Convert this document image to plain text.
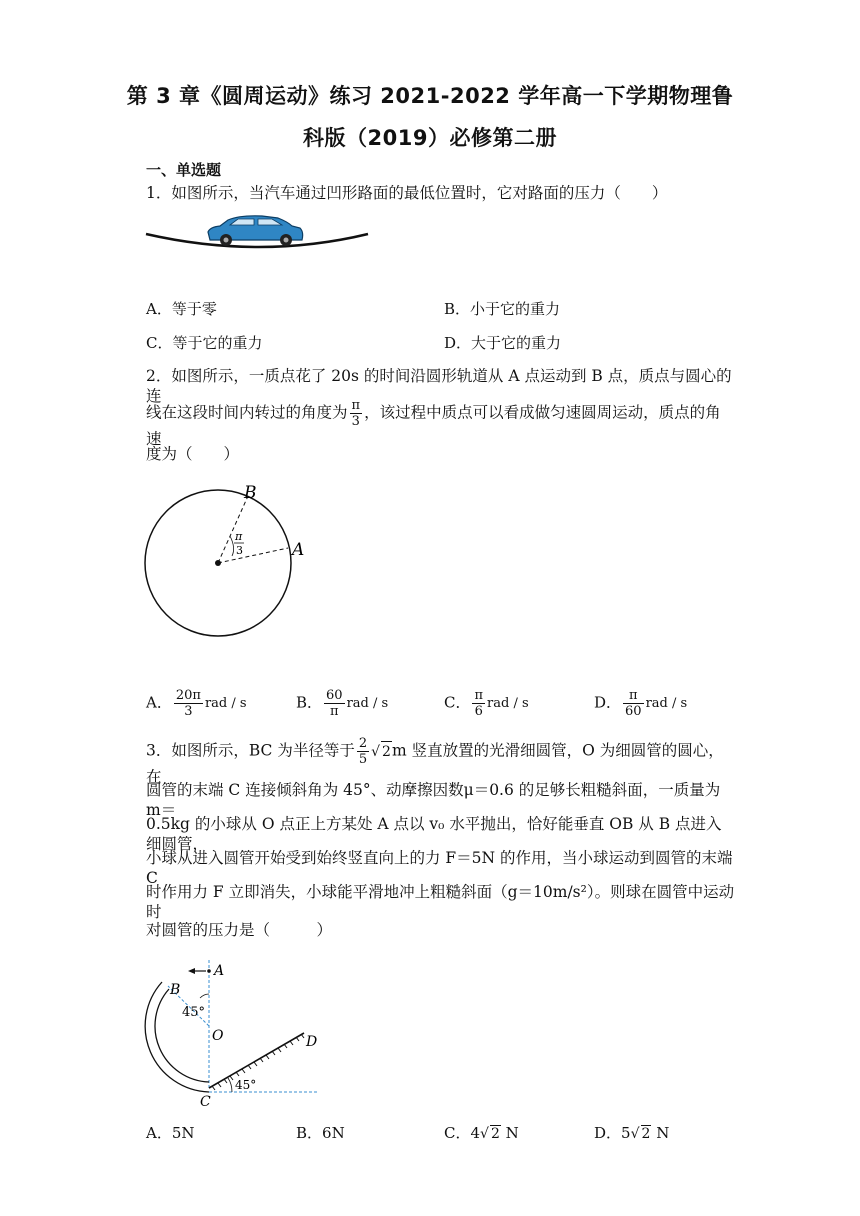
第 3 章《圆周运动》练习 2021-2022 学年高一下学期物理鲁
科版（2019）必修第二册
一、单选题
1．如图所示，当汽车通过凹形路面的最低位置时，它对路面的压力（　　）
A．等于零	B．小于它的重力
C．等于它的重力	D．大于它的重力
2．如图所示，一质点花了 20s 的时间沿圆形轨道从 A 点运动到 B 点，质点与圆心的连
线在这段时间内转过的角度为 $\frac{\pi}{3}$ ，该过程中质点可以看成做匀速圆周运动，质点的角速
度为（　　）
B
A
π
3
A． $\frac{20\pi}{3}$ rad / s	B． $\frac{60}{\pi}$ rad / s	C． $\frac{\pi}{6}$ rad / s	D． $\frac{\pi}{60}$ rad / s
3．如图所示，BC 为半径等于 $\frac{2}{5}$ √ 2m 竖直放置的光滑细圆管，O 为细圆管的圆心，在
圆管的末端 C 连接倾斜角为 45°、动摩擦因数μ＝0.6 的足够长粗糙斜面，一质量为 m＝
0.5kg 的小球从 O 点正上方某处 A 点以 v₀ 水平抛出，恰好能垂直 OB 从 B 点进入细圆管，
小球从进入圆管开始受到始终竖直向上的力 F＝5N 的作用，当小球运动到圆管的末端 C
时作用力 F 立即消失，小球能平滑地冲上粗糙斜面（g＝10m/s²）。则球在圆管中运动时
对圆管的压力是（　　　）
A
B
O
C
D
45°
45°
A．5N	B．6N	C．4√ 2 N	D．5√ 2 N
